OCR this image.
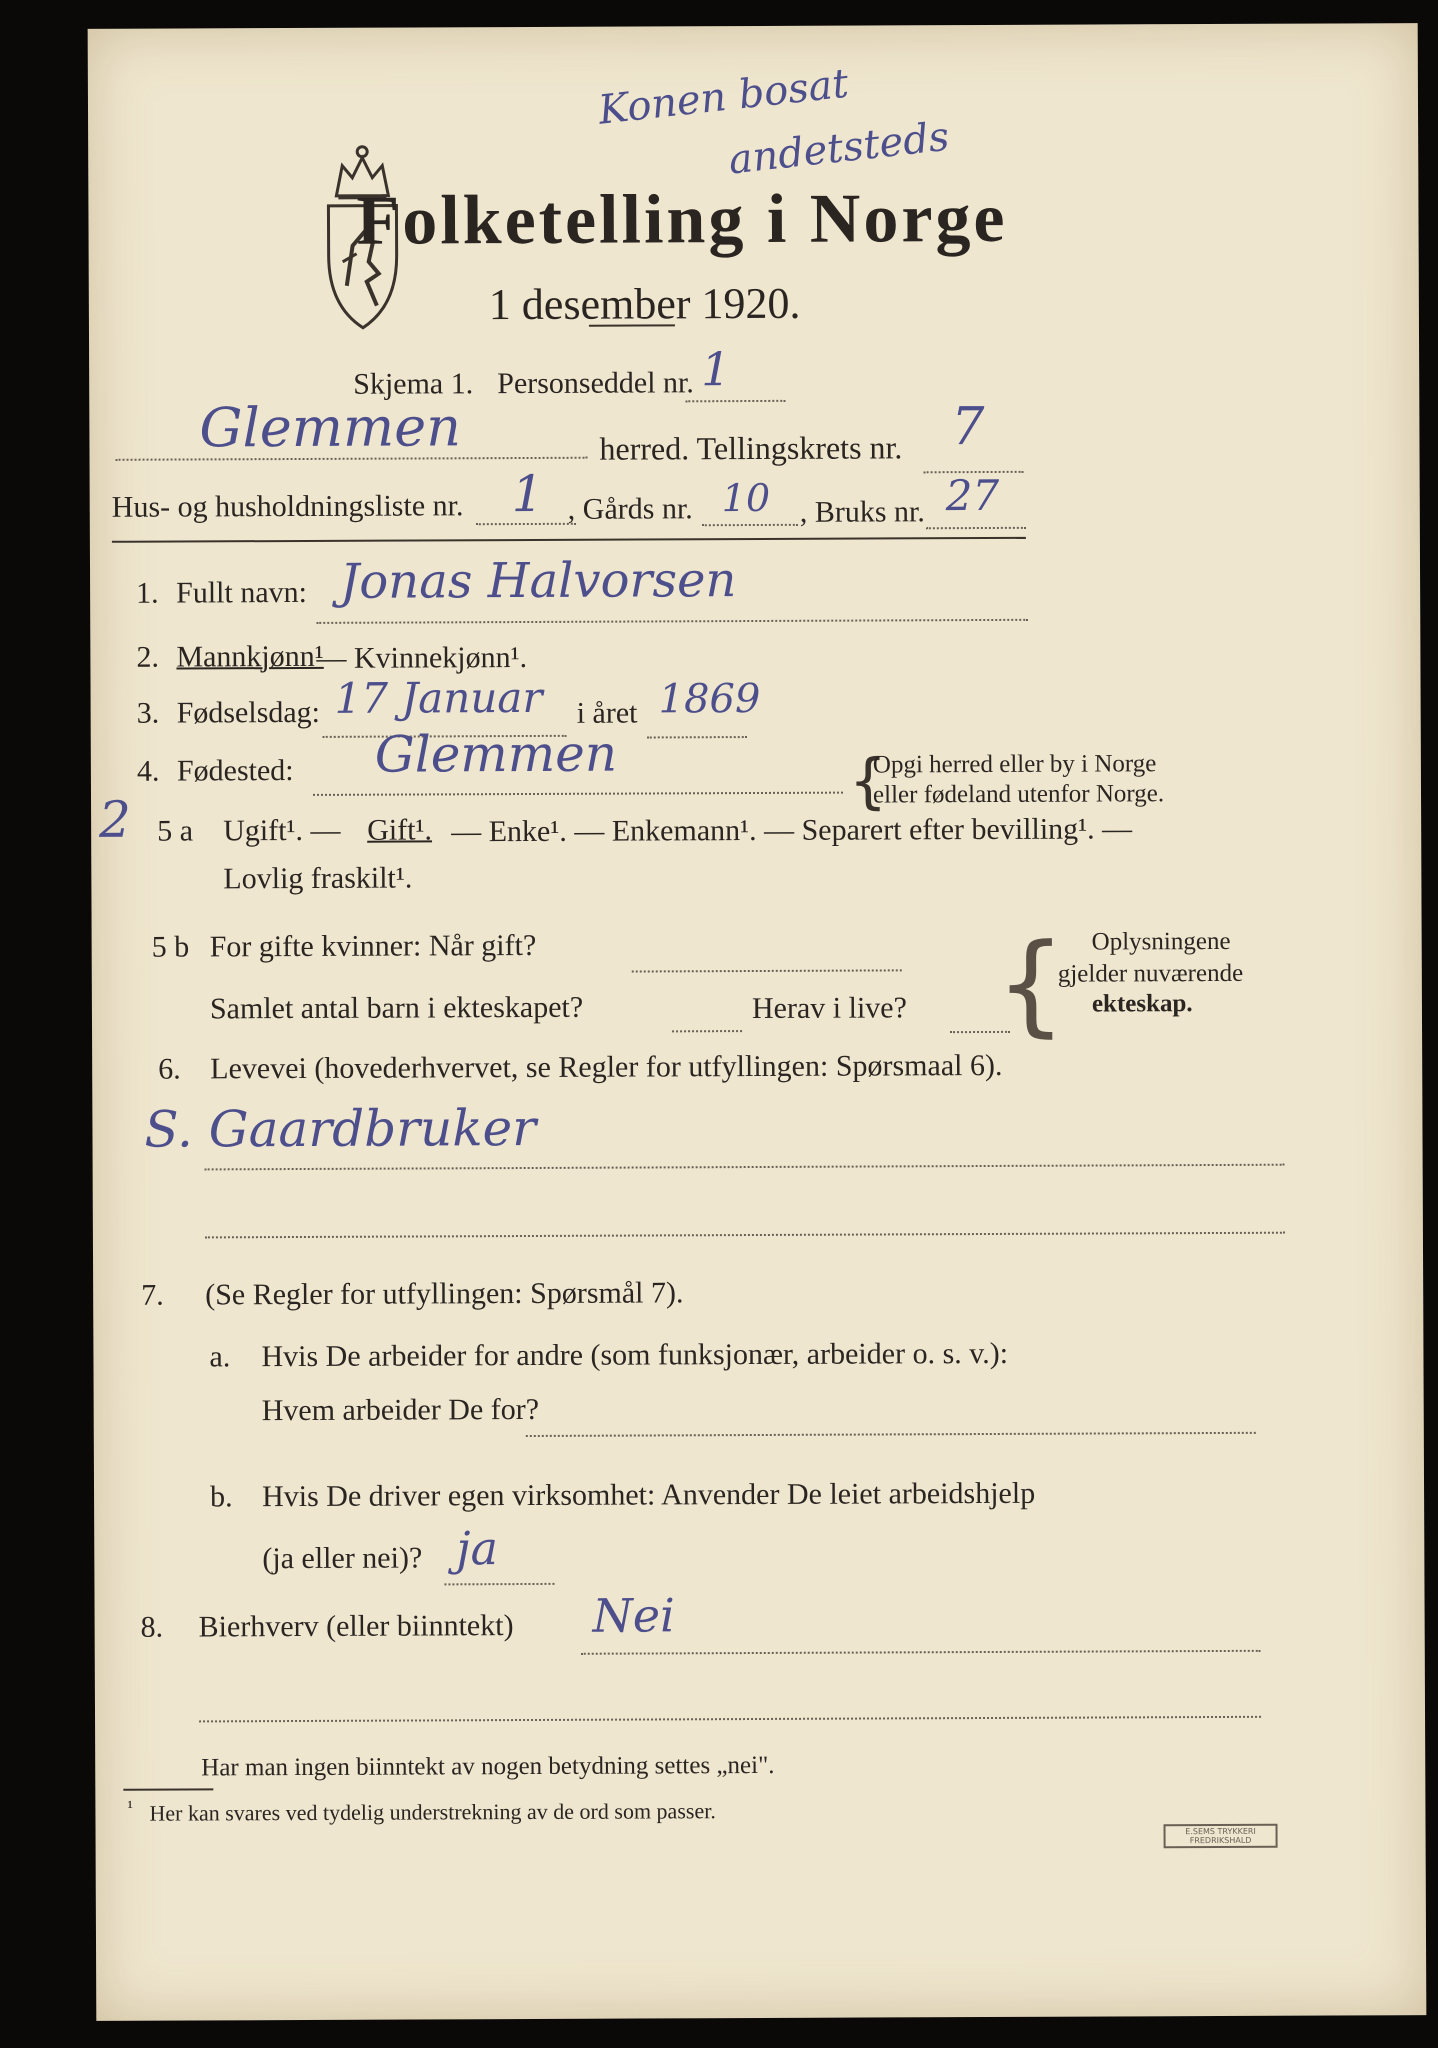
Folketelling i Norge
1 desember 1920.
Konen bosat
andetsteds
Skjema 1. Personseddel nr. 1
Glemmen	herred. Tellingskrets nr. 7
Hus- og husholdningsliste nr. 1 , Gårds nr. 10 , Bruks nr. 27
1. Fullt navn: Jonas Halvorsen
2. Mannkjønn¹
— Kvinnekjønn¹.
3. Fødselsdag: 17 Januar i året 1869
4. Fødested: Glemmen	{
Opgi herred eller by i Norge
eller fødeland utenfor Norge.
2 5 a Ugift¹. — Gift¹. — Enke¹. — Enkemann¹. — Separert efter bevilling¹. —
Lovlig fraskilt¹.
5 b For gifte kvinner: Når gift?
Samlet antal barn i ekteskapet?	Herav i live? { Oplysningene
gjelder nuværende
ekteskap.
6. Levevei (hovederhvervet, se Regler for utfyllingen: Spørsmaal 6).
S. Gaardbruker
7. (Se Regler for utfyllingen: Spørsmål 7).
a. Hvis De arbeider for andre (som funksjonær, arbeider o. s. v.):
Hvem arbeider De for?
b. Hvis De driver egen virksomhet: Anvender De leiet arbeidshjelp
(ja eller nei)? ja
8. Bierhverv (eller biinntekt) Nei
Har man ingen biinntekt av nogen betydning settes „nei".
¹ Her kan svares ved tydelig understrekning av de ord som passer.
E.SEMS TRYKKERI
FREDRIKSHALD
